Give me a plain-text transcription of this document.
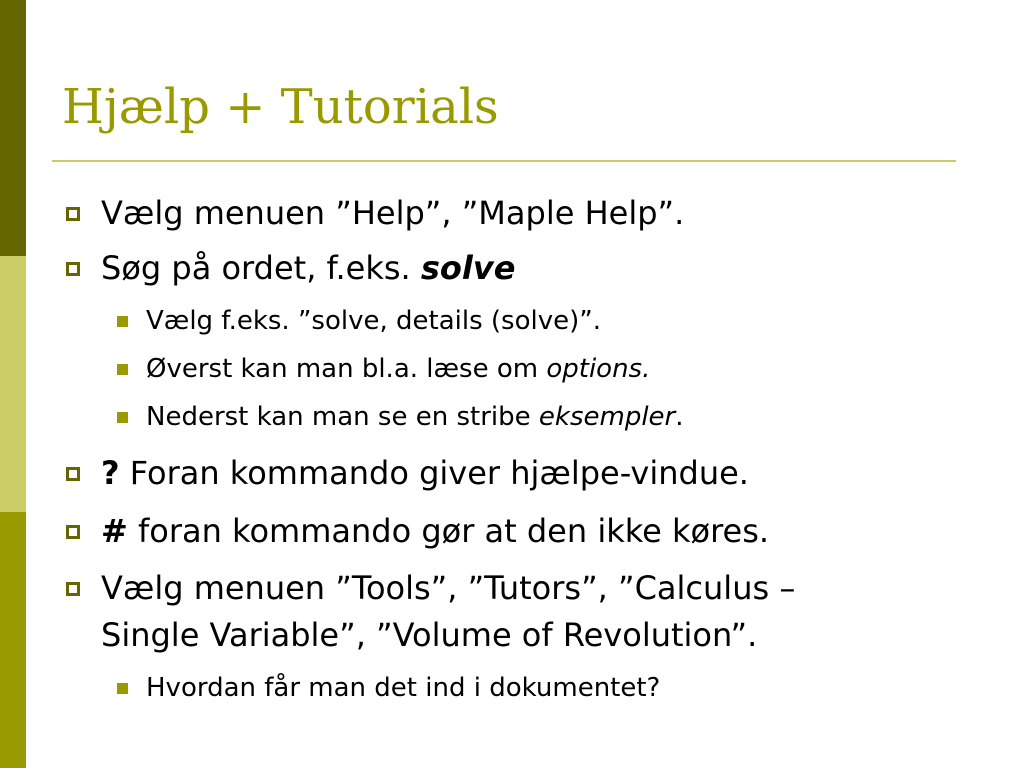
Hjælp + Tutorials
Vælg menuen ”Help”, ”Maple Help”.
Søg på ordet, f.eks. solve
Vælg f.eks. ”solve, details (solve)”.
Øverst kan man bl.a. læse om options.
Nederst kan man se en stribe eksempler.
? Foran kommando giver hjælpe-vindue.
# foran kommando gør at den ikke køres.
Vælg menuen ”Tools”, ”Tutors”, ”Calculus –
Single Variable”, ”Volume of Revolution”.
Hvordan får man det ind i dokumentet?
